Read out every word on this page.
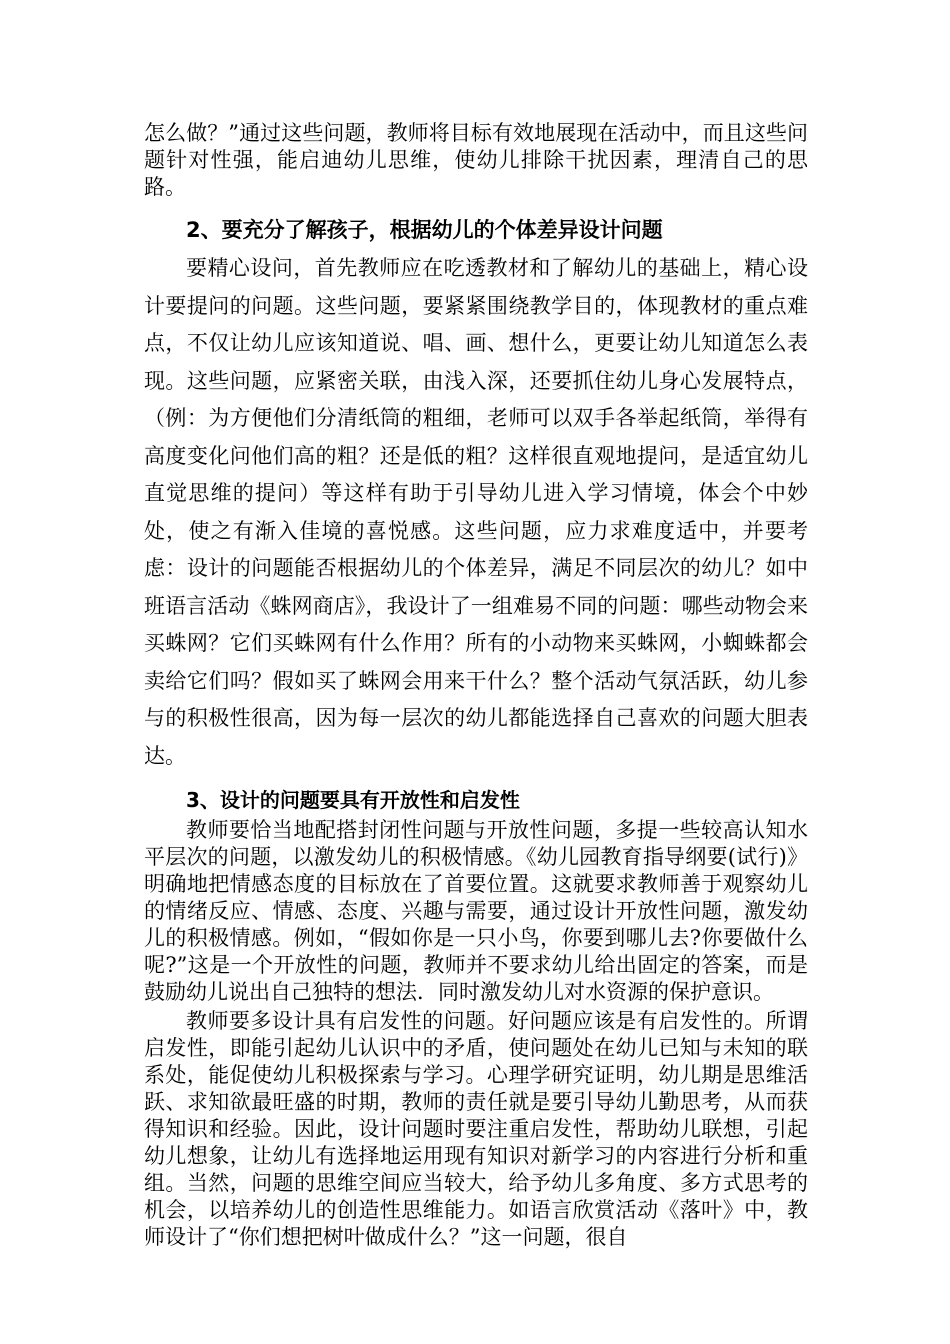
怎么做？”通过这些问题，教师将目标有效地展现在活动中，而且这些问题针对性强，能启迪幼儿思维，使幼儿排除干扰因素，理清自己的思路。

2、要充分了解孩子，根据幼儿的个体差异设计问题

要精心设问，首先教师应在吃透教材和了解幼儿的基础上，精心设计要提问的问题。这些问题，要紧紧围绕教学目的，体现教材的重点难点，不仅让幼儿应该知道说、唱、画、想什么，更要让幼儿知道怎么表现。这些问题，应紧密关联，由浅入深，还要抓住幼儿身心发展特点，（例：为方便他们分清纸筒的粗细，老师可以双手各举起纸筒，举得有高度变化问他们高的粗？还是低的粗？这样很直观地提问，是适宜幼儿直觉思维的提问）等这样有助于引导幼儿进入学习情境，体会个中妙处，使之有渐入佳境的喜悦感。这些问题，应力求难度适中，并要考虑：设计的问题能否根据幼儿的个体差异，满足不同层次的幼儿？如中班语言活动《蛛网商店》，我设计了一组难易不同的问题：哪些动物会来买蛛网？它们买蛛网有什么作用？所有的小动物来买蛛网，小蜘蛛都会卖给它们吗？假如买了蛛网会用来干什么？整个活动气氛活跃，幼儿参与的积极性很高，因为每一层次的幼儿都能选择自己喜欢的问题大胆表达。

3、设计的问题要具有开放性和启发性

教师要恰当地配搭封闭性问题与开放性问题，多提一些较高认知水平层次的问题，以激发幼儿的积极情感。《幼儿园教育指导纲要(试行)》明确地把情感态度的目标放在了首要位置。这就要求教师善于观察幼儿的情绪反应、情感、态度、兴趣与需要，通过设计开放性问题，激发幼儿的积极情感。例如，“假如你是一只小鸟，你要到哪儿去?你要做什么呢?”这是一个开放性的问题，教师并不要求幼儿给出固定的答案，而是鼓励幼儿说出自己独特的想法．同时激发幼儿对水资源的保护意识。

教师要多设计具有启发性的问题。好问题应该是有启发性的。所谓启发性，即能引起幼儿认识中的矛盾，使问题处在幼儿已知与未知的联系处，能促使幼儿积极探索与学习。心理学研究证明，幼儿期是思维活跃、求知欲最旺盛的时期，教师的责任就是要引导幼儿勤思考，从而获得知识和经验。因此，设计问题时要注重启发性，帮助幼儿联想，引起幼儿想象，让幼儿有选择地运用现有知识对新学习的内容进行分析和重组。当然，问题的思维空间应当较大，给予幼儿多角度、多方式思考的机会，以培养幼儿的创造性思维能力。如语言欣赏活动《落叶》中，教师设计了“你们想把树叶做成什么？”这一问题，很自
